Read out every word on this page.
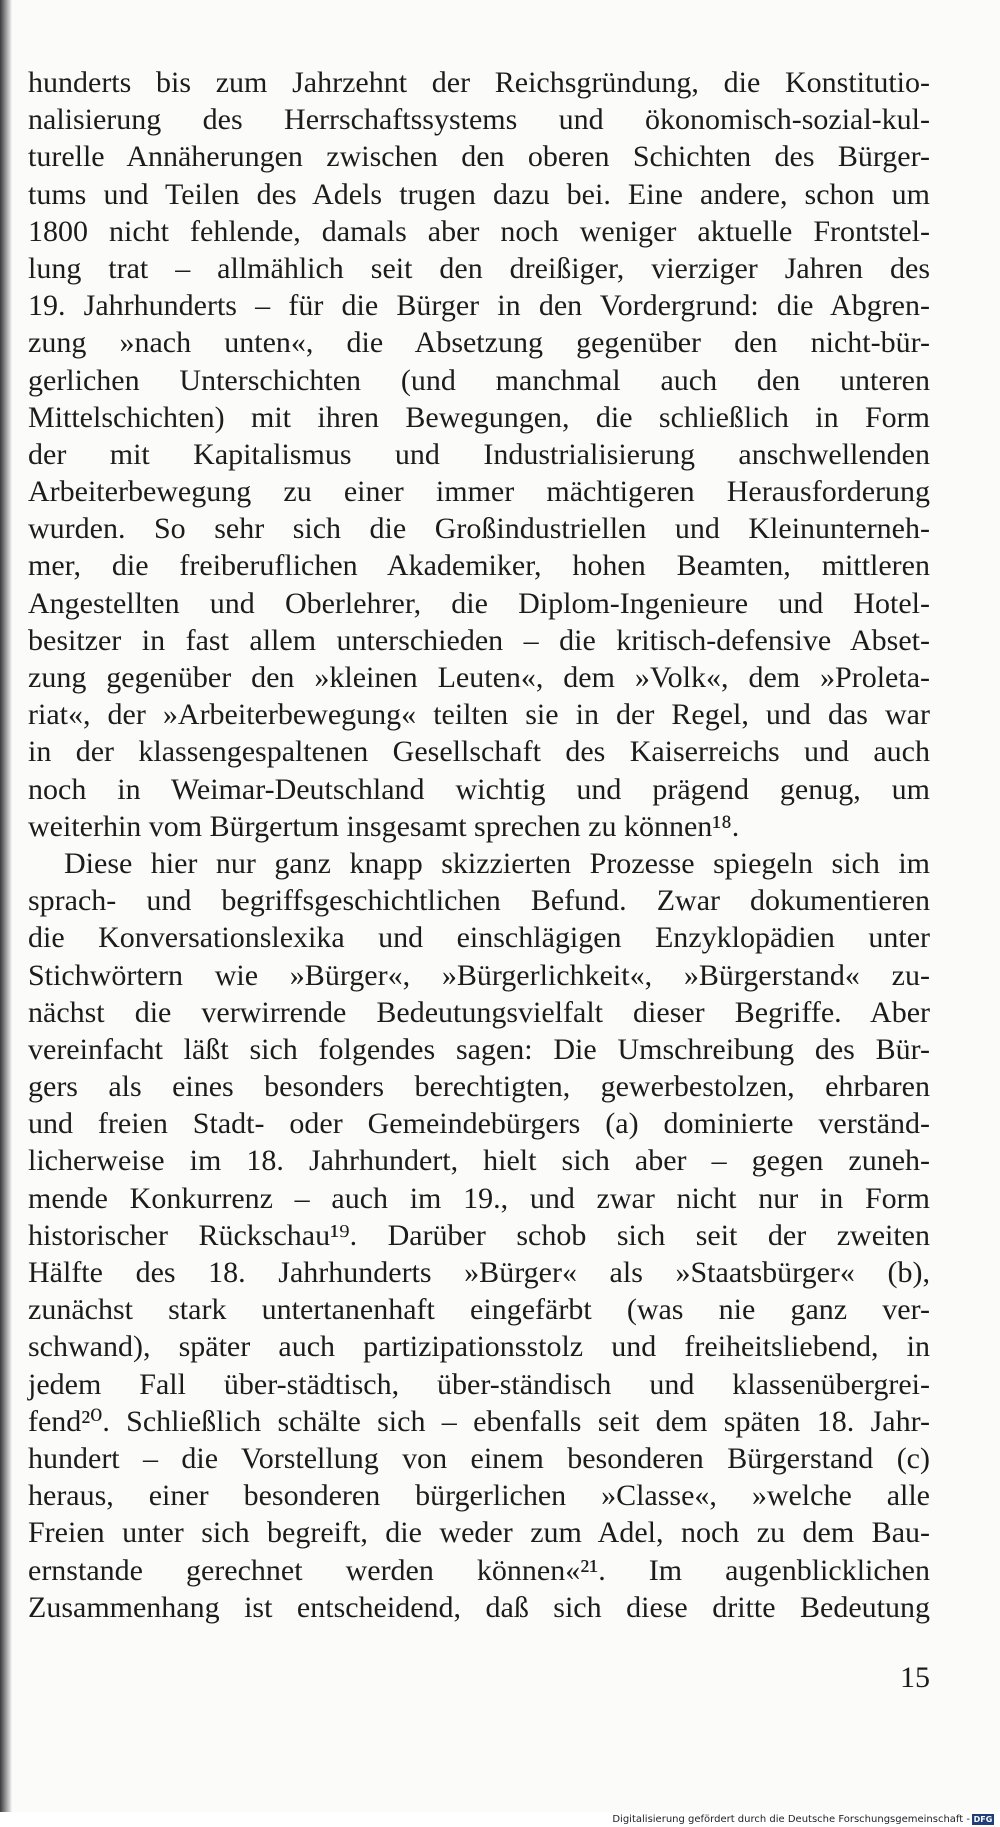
hunderts bis zum Jahrzehnt der Reichsgründung, die Konstitutio-
nalisierung des Herrschaftssystems und ökonomisch-sozial-kul-
turelle Annäherungen zwischen den oberen Schichten des Bürger-
tums und Teilen des Adels trugen dazu bei. Eine andere, schon um
1800 nicht fehlende, damals aber noch weniger aktuelle Frontstel-
lung trat – allmählich seit den dreißiger, vierziger Jahren des
19. Jahrhunderts – für die Bürger in den Vordergrund: die Abgren-
zung »nach unten«, die Absetzung gegenüber den nicht-bür-
gerlichen Unterschichten (und manchmal auch den unteren
Mittelschichten) mit ihren Bewegungen, die schließlich in Form
der mit Kapitalismus und Industrialisierung anschwellenden
Arbeiterbewegung zu einer immer mächtigeren Herausforderung
wurden. So sehr sich die Großindustriellen und Kleinunterneh-
mer, die freiberuflichen Akademiker, hohen Beamten, mittleren
Angestellten und Oberlehrer, die Diplom-Ingenieure und Hotel-
besitzer in fast allem unterschieden – die kritisch-defensive Abset-
zung gegenüber den »kleinen Leuten«, dem »Volk«, dem »Proleta-
riat«, der »Arbeiterbewegung« teilten sie in der Regel, und das war
in der klassengespaltenen Gesellschaft des Kaiserreichs und auch
noch in Weimar-Deutschland wichtig und prägend genug, um
weiterhin vom Bürgertum insgesamt sprechen zu können¹⁸.
Diese hier nur ganz knapp skizzierten Prozesse spiegeln sich im
sprach- und begriffsgeschichtlichen Befund. Zwar dokumentieren
die Konversationslexika und einschlägigen Enzyklopädien unter
Stichwörtern wie »Bürger«, »Bürgerlichkeit«, »Bürgerstand« zu-
nächst die verwirrende Bedeutungsvielfalt dieser Begriffe. Aber
vereinfacht läßt sich folgendes sagen: Die Umschreibung des Bür-
gers als eines besonders berechtigten, gewerbestolzen, ehrbaren
und freien Stadt- oder Gemeindebürgers (a) dominierte verständ-
licherweise im 18. Jahrhundert, hielt sich aber – gegen zuneh-
mende Konkurrenz – auch im 19., und zwar nicht nur in Form
historischer Rückschau¹⁹. Darüber schob sich seit der zweiten
Hälfte des 18. Jahrhunderts »Bürger« als »Staatsbürger« (b),
zunächst stark untertanenhaft eingefärbt (was nie ganz ver-
schwand), später auch partizipationsstolz und freiheitsliebend, in
jedem Fall über-städtisch, über-ständisch und klassenübergrei-
fend²⁰. Schließlich schälte sich – ebenfalls seit dem späten 18. Jahr-
hundert – die Vorstellung von einem besonderen Bürgerstand (c)
heraus, einer besonderen bürgerlichen »Classe«, »welche alle
Freien unter sich begreift, die weder zum Adel, noch zu dem Bau-
ernstande gerechnet werden können«²¹. Im augenblicklichen
Zusammenhang ist entscheidend, daß sich diese dritte Bedeutung
15
Digitalisierung gefördert durch die Deutsche Forschungsgemeinschaft - DFG
